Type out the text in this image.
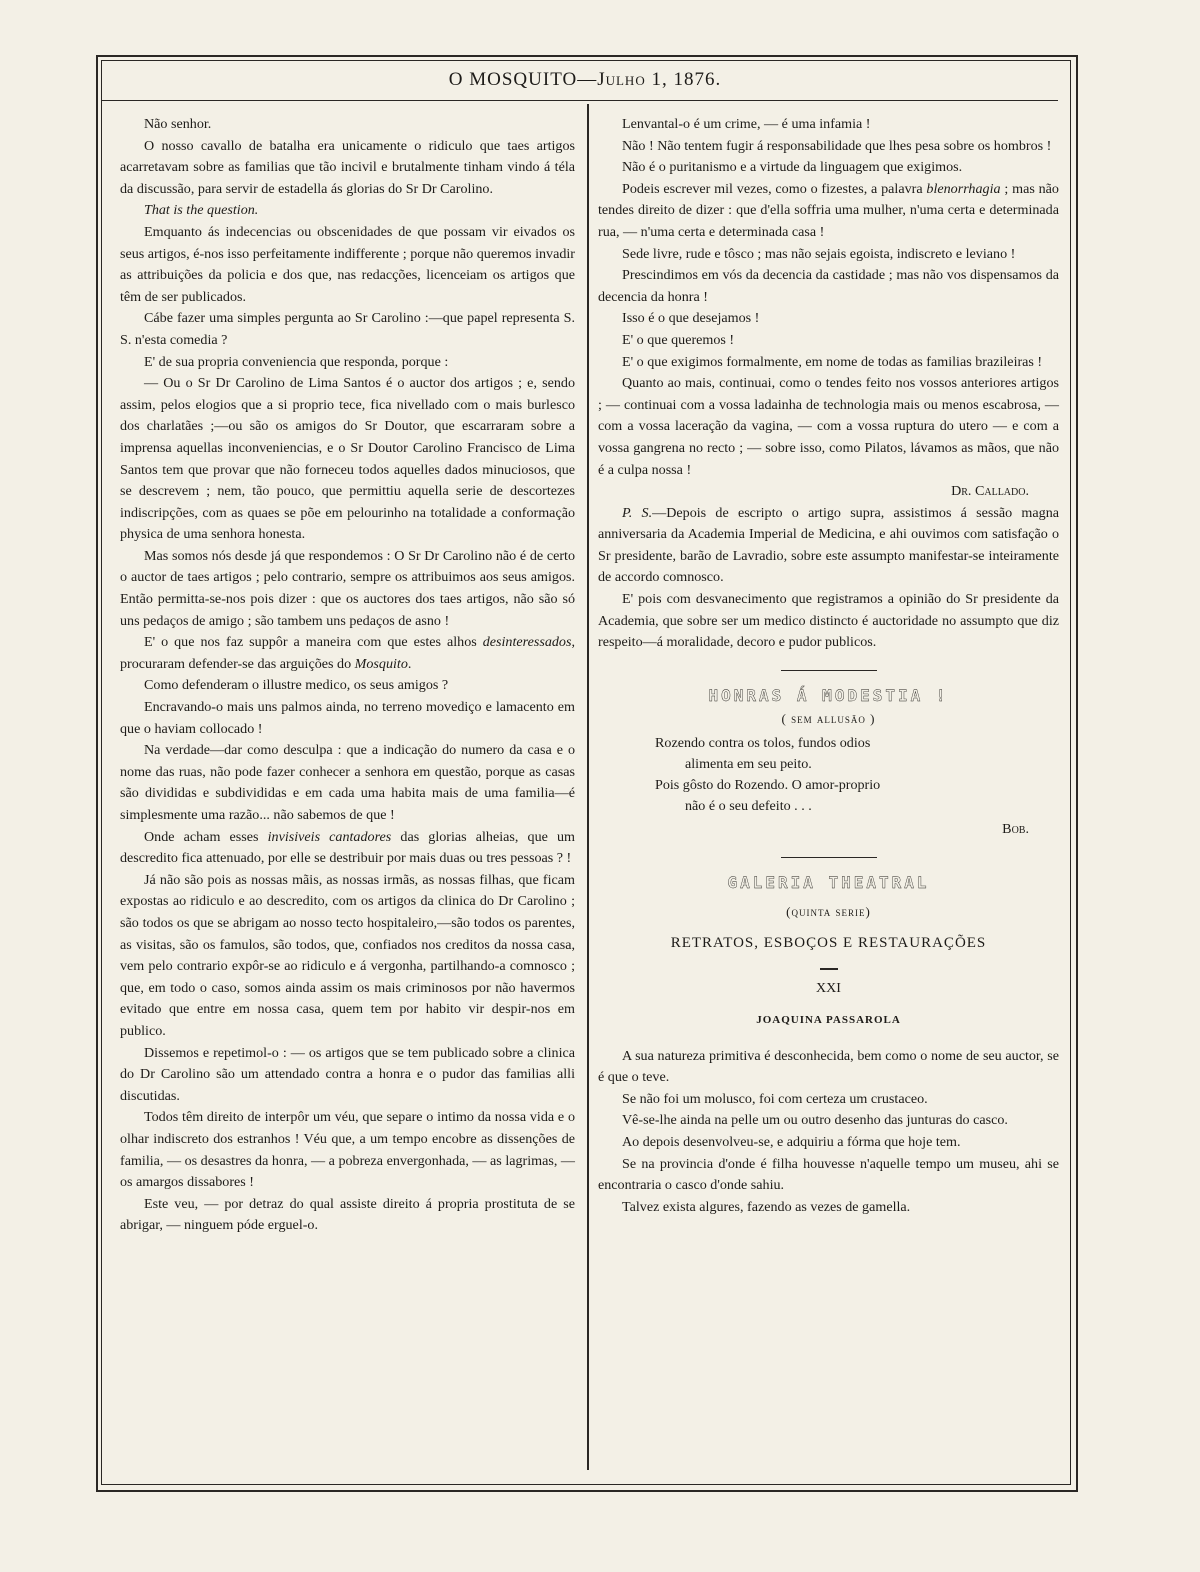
O MOSQUITO—Julho 1, 1876.

Não senhor.

O nosso cavallo de batalha era unicamente o ridiculo que taes artigos acarretavam sobre as familias que tão incivil e brutalmente tinham vindo á téla da discussão, para servir de estadella ás glorias do Sr Dr Carolino.

That is the question.

Emquanto ás indecencias ou obscenidades de que possam vir eivados os seus artigos, é-nos isso perfeitamente indifferente ; porque não queremos invadir as attribuições da policia e dos que, nas redacções, licenceiam os artigos que têm de ser publicados.

Cábe fazer uma simples pergunta ao Sr Carolino :—que papel representa S. S. n'esta comedia ?

E' de sua propria conveniencia que responda, porque :

— Ou o Sr Dr Carolino de Lima Santos é o auctor dos artigos ; e, sendo assim, pelos elogios que a si proprio tece, fica nivellado com o mais burlesco dos charlatães ;—ou são os amigos do Sr Doutor, que escarraram sobre a imprensa aquellas inconveniencias, e o Sr Doutor Carolino Francisco de Lima Santos tem que provar que não forneceu todos aquelles dados minuciosos, que se descrevem ; nem, tão pouco, que permittiu aquella serie de descortezes indiscripções, com as quaes se põe em pelourinho na totalidade a conformação physica de uma senhora honesta.

Mas somos nós desde já que respondemos : O Sr Dr Carolino não é de certo o auctor de taes artigos ; pelo contrario, sempre os attribuimos aos seus amigos. Então permitta-se-nos pois dizer : que os auctores dos taes artigos, não são só uns pedaços de amigo ; são tambem uns pedaços de asno !

E' o que nos faz suppôr a maneira com que estes alhos desinteressados, procuraram defender-se das arguições do Mosquito.

Como defenderam o illustre medico, os seus amigos ?

Encravando-o mais uns palmos ainda, no terreno movediço e lamacento em que o haviam collocado !

Na verdade—dar como desculpa : que a indicação do numero da casa e o nome das ruas, não pode fazer conhecer a senhora em questão, porque as casas são divididas e subdivididas e em cada uma habita mais de uma familia—é simplesmente uma razão... não sabemos de que !

Onde acham esses invisiveis cantadores das glorias alheias, que um descredito fica attenuado, por elle se destribuir por mais duas ou tres pessoas ? !

Já não são pois as nossas mãis, as nossas irmãs, as nossas filhas, que ficam expostas ao ridiculo e ao descredito, com os artigos da clinica do Dr Carolino ; são todos os que se abrigam ao nosso tecto hospitaleiro,—são todos os parentes, as visitas, são os famulos, são todos, que, confiados nos creditos da nossa casa, vem pelo contrario expôr-se ao ridiculo e á vergonha, partilhando-a comnosco ; que, em todo o caso, somos ainda assim os mais criminosos por não havermos evitado que entre em nossa casa, quem tem por habito vir despir-nos em publico.

Dissemos e repetimol-o : — os artigos que se tem publicado sobre a clinica do Dr Carolino são um attendado contra a honra e o pudor das familias alli discutidas.

Todos têm direito de interpôr um véu, que separe o intimo da nossa vida e o olhar indiscreto dos estranhos ! Véu que, a um tempo encobre as dissenções de familia, — os desastres da honra, — a pobreza envergonhada, — as lagrimas, — os amargos dissabores !

Este veu, — por detraz do qual assiste direito á propria prostituta de se abrigar, — ninguem póde erguel-o.

Lenvantal-o é um crime, — é uma infamia !

Não ! Não tentem fugir á responsabilidade que lhes pesa sobre os hombros !

Não é o puritanismo e a virtude da linguagem que exigimos.

Podeis escrever mil vezes, como o fizestes, a palavra blenorrhagia ; mas não tendes direito de dizer : que d'ella soffria uma mulher, n'uma certa e determinada rua, — n'uma certa e determinada casa !

Sede livre, rude e tôsco ; mas não sejais egoista, indiscreto e leviano !

Prescindimos em vós da decencia da castidade ; mas não vos dispensamos da decencia da honra !

Isso é o que desejamos !

E' o que queremos !

E' o que exigimos formalmente, em nome de todas as familias brazileiras !

Quanto ao mais, continuai, como o tendes feito nos vossos anteriores artigos ; — continuai com a vossa ladainha de technologia mais ou menos escabrosa, — com a vossa laceração da vagina, — com a vossa ruptura do utero — e com a vossa gangrena no recto ; — sobre isso, como Pilatos, lávamos as mãos, que não é a culpa nossa !

Dr. Callado.

P. S.—Depois de escripto o artigo supra, assistimos á sessão magna anniversaria da Academia Imperial de Medicina, e ahi ouvimos com satisfação o Sr presidente, barão de Lavradio, sobre este assumpto manifestar-se inteiramente de accordo comnosco.

E' pois com desvanecimento que registramos a opinião do Sr presidente da Academia, que sobre ser um medico distincto é auctoridade no assumpto que diz respeito—á moralidade, decoro e pudor publicos.

HONRAS Á MODESTIA !
( sem allusão )
Rozendo contra os tolos, fundos odios
alimenta em seu peito.
Pois gôsto do Rozendo. O amor-proprio
não é o seu defeito . . .
Bob.
GALERIA THEATRAL
(quinta serie)
RETRATOS, ESBOÇOS E RESTAURAÇÕES
XXI
JOAQUINA PASSAROLA

A sua natureza primitiva é desconhecida, bem como o nome de seu auctor, se é que o teve.

Se não foi um molusco, foi com certeza um crustaceo.

Vê-se-lhe ainda na pelle um ou outro desenho das junturas do casco.

Ao depois desenvolveu-se, e adquiriu a fórma que hoje tem.

Se na provincia d'onde é filha houvesse n'aquelle tempo um museu, ahi se encontraria o casco d'onde sahiu.

Talvez exista algures, fazendo as vezes de gamella.
